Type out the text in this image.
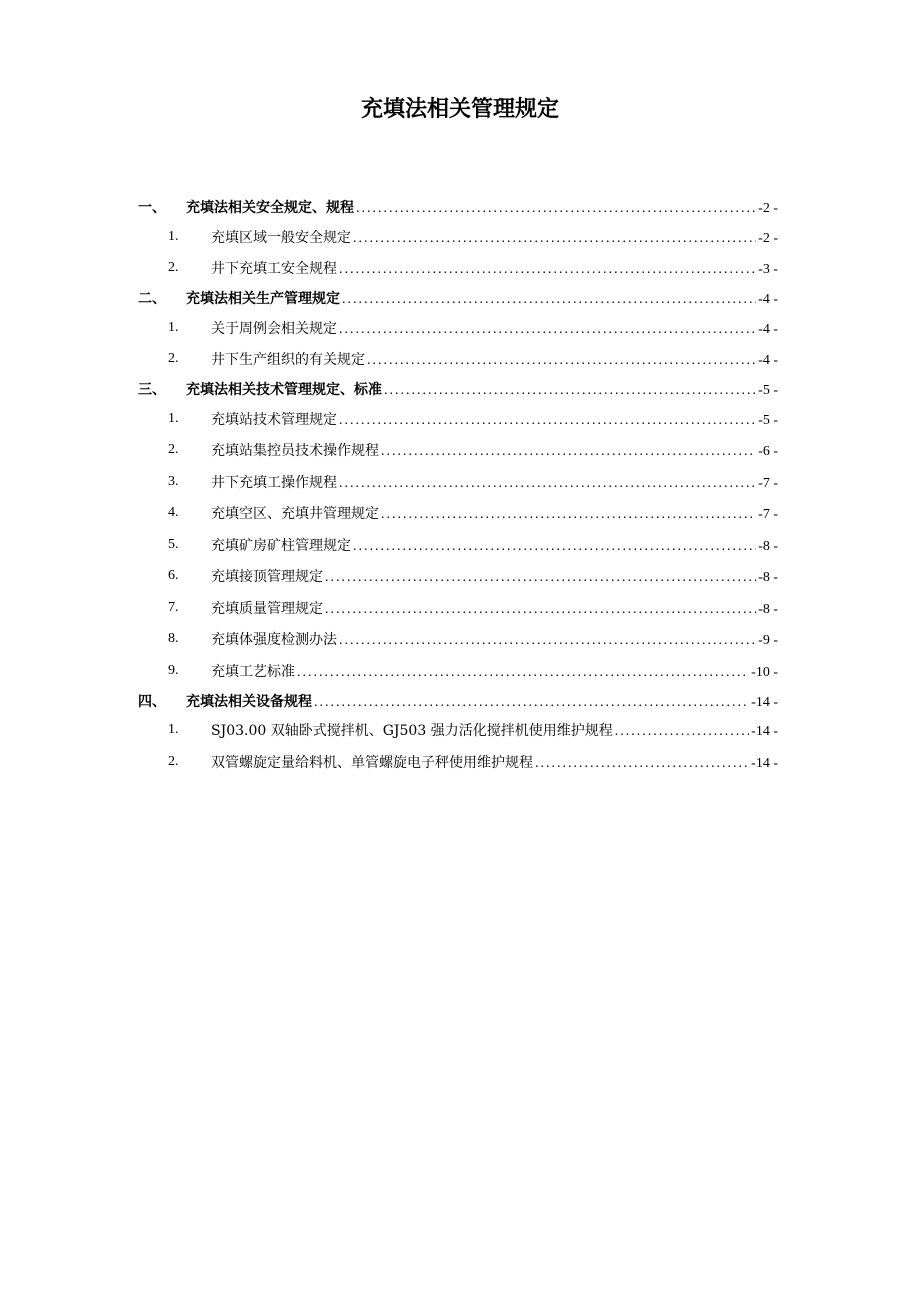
充填法相关管理规定
一、 充填法相关安全规定、规程 .....	-2 -
1. 充填区域一般安全规定 .....	-2 -
2. 井下充填工安全规程 .....	-3 -
二、 充填法相关生产管理规定 .....	-4 -
1. 关于周例会相关规定 .....	-4 -
2. 井下生产组织的有关规定 .....	-4 -
三、 充填法相关技术管理规定、标准 .....	-5 -
1. 充填站技术管理规定 .....	-5 -
2. 充填站集控员技术操作规程 .....	-6 -
3. 井下充填工操作规程 .....	-7 -
4. 充填空区、充填井管理规定 .....	-7 -
5. 充填矿房矿柱管理规定 .....	-8 -
6. 充填接顶管理规定 .....	-8 -
7. 充填质量管理规定 .....	-8 -
8. 充填体强度检测办法 .....	-9 -
9. 充填工艺标准 .....	-10 -
四、 充填法相关设备规程 .....	-14 -
1. SJ03.00 双轴卧式搅拌机、GJ503 强力活化搅拌机使用维护规程 .....	-14 -
2. 双管螺旋定量给料机、单管螺旋电子秤使用维护规程 .....	-14 -
